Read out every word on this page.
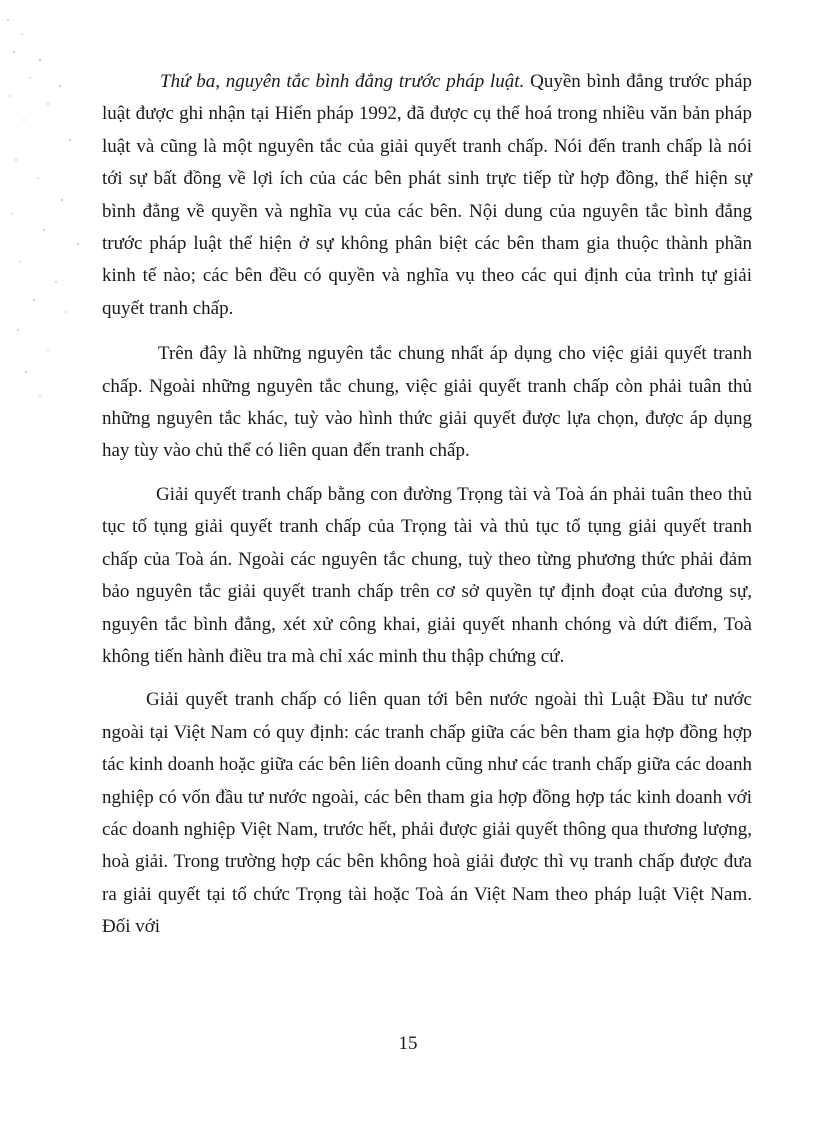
Thứ ba, nguyên tắc bình đẳng trước pháp luật. Quyền bình đẳng trước pháp luật được ghi nhận tại Hiến pháp 1992, đã được cụ thể hoá trong nhiều văn bản pháp luật và cũng là một nguyên tắc của giải quyết tranh chấp. Nói đến tranh chấp là nói tới sự bất đồng về lợi ích của các bên phát sinh trực tiếp từ hợp đồng, thể hiện sự bình đẳng về quyền và nghĩa vụ của các bên. Nội dung của nguyên tắc bình đẳng trước pháp luật thể hiện ở sự không phân biệt các bên tham gia thuộc thành phần kinh tế nào; các bên đều có quyền và nghĩa vụ theo các qui định của trình tự giải quyết tranh chấp.

Trên đây là những nguyên tắc chung nhất áp dụng cho việc giải quyết tranh chấp. Ngoài những nguyên tắc chung, việc giải quyết tranh chấp còn phải tuân thủ những nguyên tắc khác, tuỳ vào hình thức giải quyết được lựa chọn, được áp dụng hay tùy vào chủ thể có liên quan đến tranh chấp.

Giải quyết tranh chấp bằng con đường Trọng tài và Toà án phải tuân theo thủ tục tố tụng giải quyết tranh chấp của Trọng tài và thủ tục tố tụng giải quyết tranh chấp của Toà án. Ngoài các nguyên tắc chung, tuỳ theo từng phương thức phải đảm bảo nguyên tắc giải quyết tranh chấp trên cơ sở quyền tự định đoạt của đương sự, nguyên tắc bình đẳng, xét xử công khai, giải quyết nhanh chóng và dứt điểm, Toà không tiến hành điều tra mà chỉ xác minh thu thập chứng cứ.

Giải quyết tranh chấp có liên quan tới bên nước ngoài thì Luật Đầu tư nước ngoài tại Việt Nam có quy định: các tranh chấp giữa các bên tham gia hợp đồng hợp tác kinh doanh hoặc giữa các bên liên doanh cũng như các tranh chấp giữa các doanh nghiệp có vốn đầu tư nước ngoài, các bên tham gia hợp đồng hợp tác kinh doanh với các doanh nghiệp Việt Nam, trước hết, phải được giải quyết thông qua thương lượng, hoà giải. Trong trường hợp các bên không hoà giải được thì vụ tranh chấp được đưa ra giải quyết tại tổ chức Trọng tài hoặc Toà án Việt Nam theo pháp luật Việt Nam. Đối với

15
